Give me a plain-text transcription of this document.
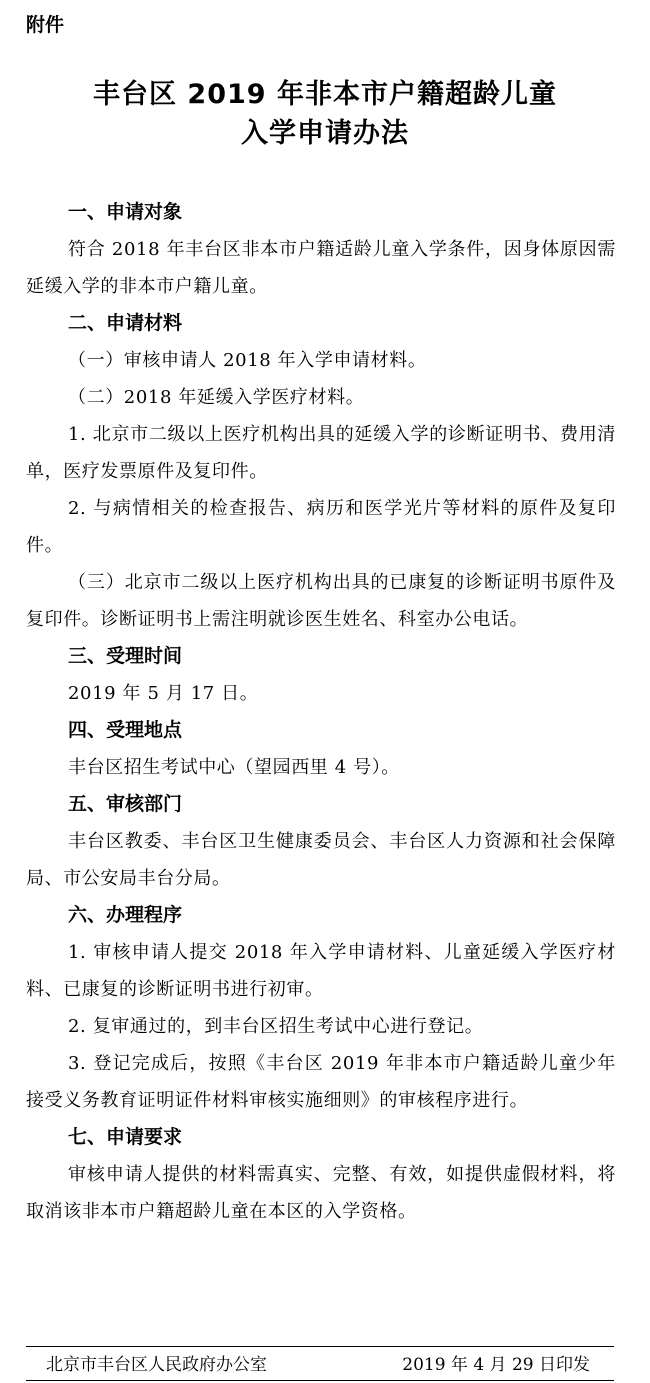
附件
丰台区 2019 年非本市户籍超龄儿童
入学申请办法

一、申请对象

符合 2018 年丰台区非本市户籍适龄儿童入学条件，因身体原因需延缓入学的非本市户籍儿童。

二、申请材料

（一）审核申请人 2018 年入学申请材料。

（二）2018 年延缓入学医疗材料。

1. 北京市二级以上医疗机构出具的延缓入学的诊断证明书、费用清单，医疗发票原件及复印件。

2. 与病情相关的检查报告、病历和医学光片等材料的原件及复印件。

（三）北京市二级以上医疗机构出具的已康复的诊断证明书原件及复印件。诊断证明书上需注明就诊医生姓名、科室办公电话。

三、受理时间

2019 年 5 月 17 日。

四、受理地点

丰台区招生考试中心（望园西里 4 号）。

五、审核部门

丰台区教委、丰台区卫生健康委员会、丰台区人力资源和社会保障局、市公安局丰台分局。

六、办理程序

1. 审核申请人提交 2018 年入学申请材料、儿童延缓入学医疗材料、已康复的诊断证明书进行初审。

2. 复审通过的，到丰台区招生考试中心进行登记。

3. 登记完成后，按照《丰台区 2019 年非本市户籍适龄儿童少年接受义务教育证明证件材料审核实施细则》的审核程序进行。

七、申请要求

审核申请人提供的材料需真实、完整、有效，如提供虚假材料，将取消该非本市户籍超龄儿童在本区的入学资格。

北京市丰台区人民政府办公室	2019 年 4 月 29 日印发
